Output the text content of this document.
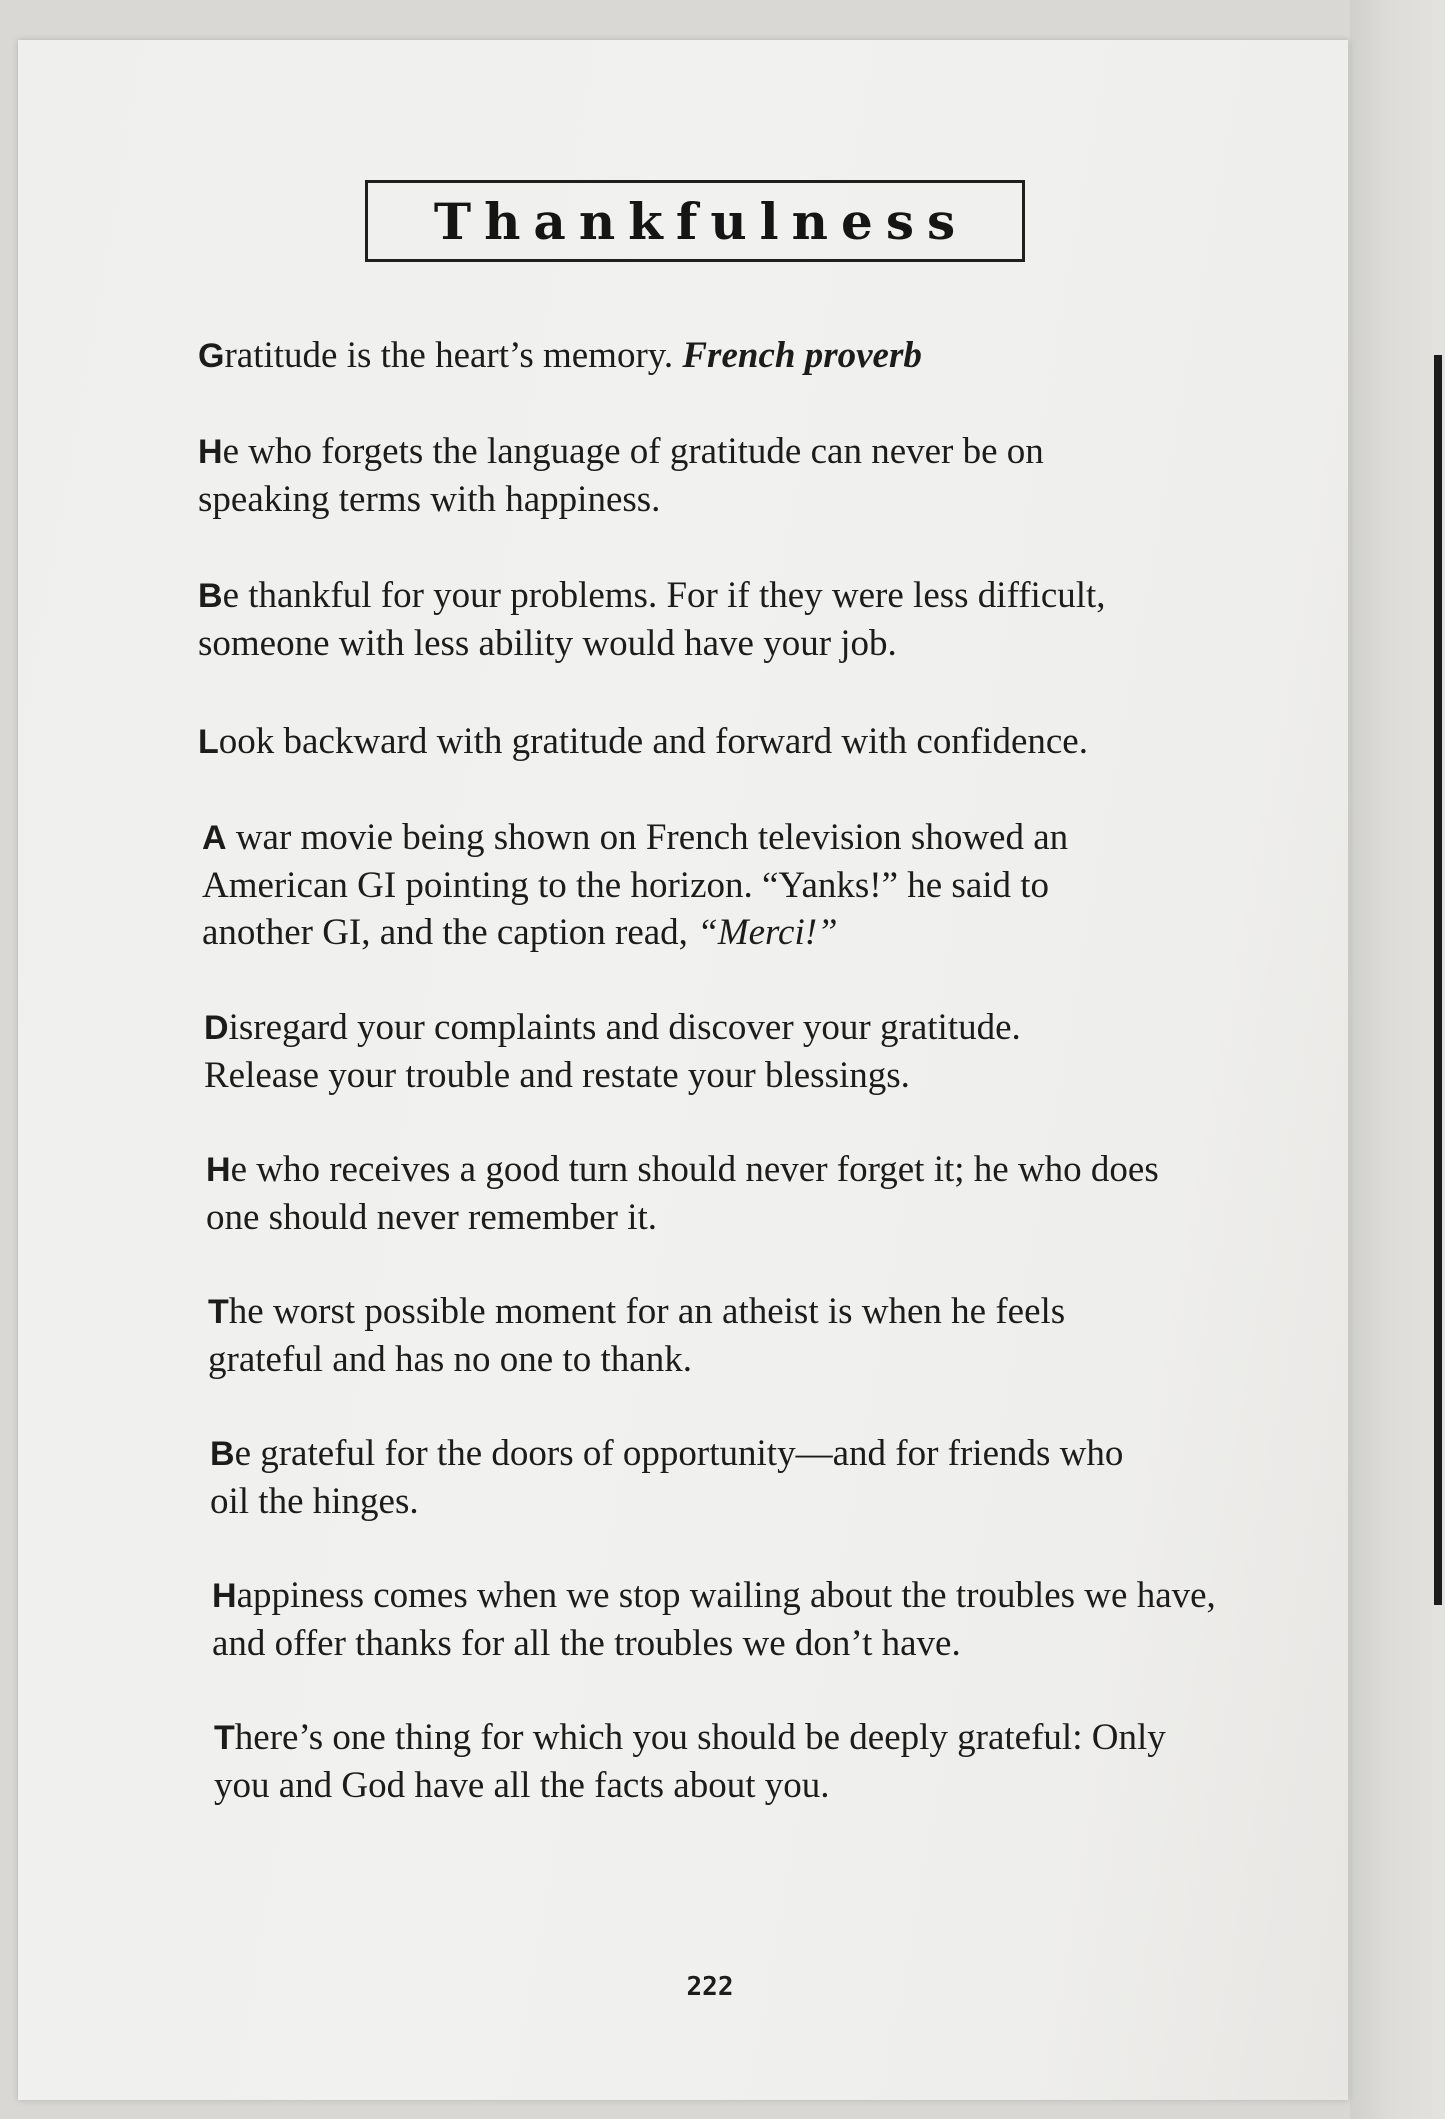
Thankfulness

Gratitude is the heart’s memory. French proverb

He who forgets the language of gratitude can never be on speaking terms with happiness.

Be thankful for your problems. For if they were less difficult, someone with less ability would have your job.

Look backward with gratitude and forward with confidence.

A war movie being shown on French television showed an American GI pointing to the horizon. “Yanks!” he said to another GI, and the caption read, “Merci!”

Disregard your complaints and discover your gratitude. Release your trouble and restate your blessings.

He who receives a good turn should never forget it; he who does one should never remember it.

The worst possible moment for an atheist is when he feels grateful and has no one to thank.

Be grateful for the doors of opportunity—and for friends who oil the hinges.

Happiness comes when we stop wailing about the troubles we have, and offer thanks for all the troubles we don’t have.

There’s one thing for which you should be deeply grateful: Only you and God have all the facts about you.

222
